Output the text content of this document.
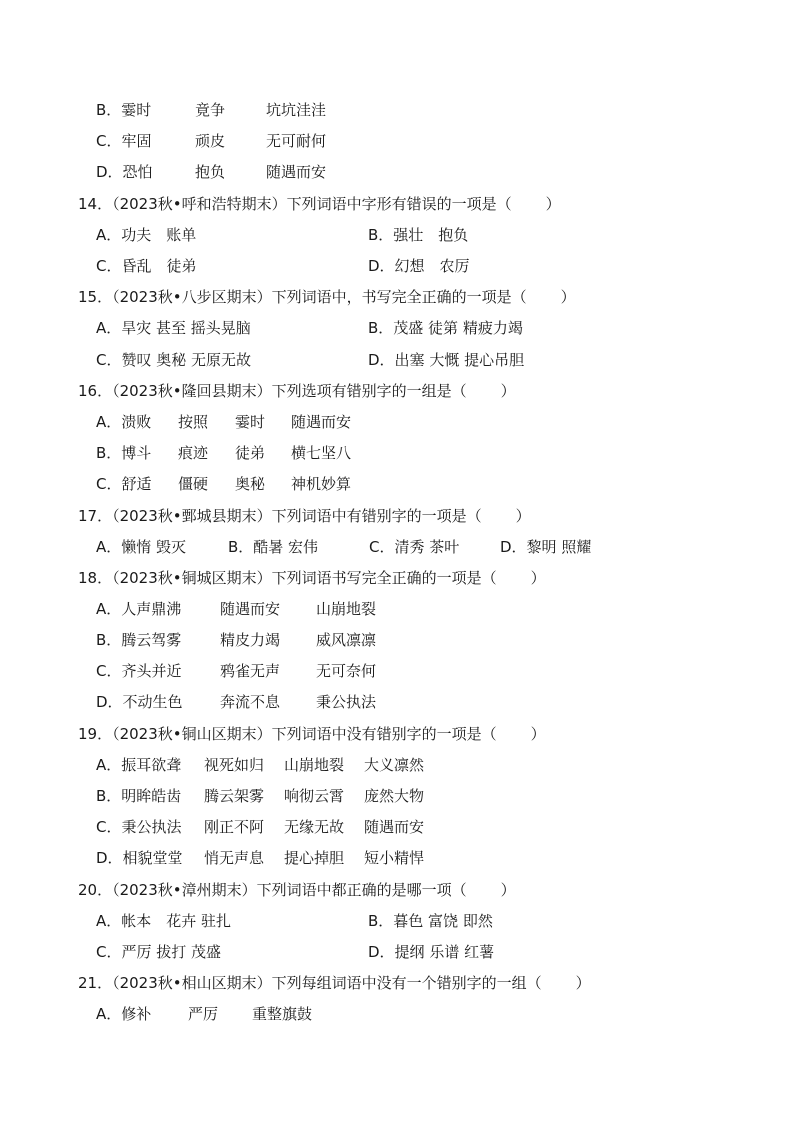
B．霎时	竟争	坑坑洼洼
C．牢固	顽皮	无可耐何
D．恐怕	抱负	随遇而安
14．（2023秋•呼和浩特期末）下列词语中字形有错误的一项是（ ）
A．功夫　账单	B．强壮　抱负
C．昏乱　徒弟	D．幻想　农厉
15．（2023秋•八步区期末）下列词语中，书写完全正确的一项是（ ）
A．旱灾 甚至 摇头晃脑	B．茂盛 徒第 精疲力竭
C．赞叹 奥秘 无原无故	D．出塞 大慨 提心吊胆
16．（2023秋•隆回县期末）下列选项有错别字的一组是（ ）
A．溃败 按照 霎时 随遇而安
B．博斗 痕迹 徒弟 横七坚八
C．舒适 僵硬 奥秘 神机妙算
17．（2023秋•鄄城县期末）下列词语中有错别字的一项是（ ）
A．懒惰 毁灭	B．酷暑 宏伟	C．清秀 茶叶	D．黎明 照耀
18．（2023秋•铜城区期末）下列词语书写完全正确的一项是（ ）
A．人声鼎沸	随遇而安 山崩地裂
B．腾云驾雾	精皮力竭 威风凛凛
C．齐头并近	鸦雀无声 无可奈何
D．不动生色 奔流不息 秉公执法
19．（2023秋•铜山区期末）下列词语中没有错别字的一项是（ ）
A．振耳欲聋 视死如归 山崩地裂 大义凛然
B．明眸皓齿 腾云架雾 响彻云霄 庞然大物
C．秉公执法 刚正不阿 无缘无故 随遇而安
D．相貌堂堂 悄无声息 提心掉胆 短小精悍
20．（2023秋•漳州期末）下列词语中都正确的是哪一项（ ）
A．帐本　花卉 驻扎	B．暮色 富饶 即然
C．严厉 拔打 茂盛	D．提纲 乐谱 红薯
21．（2023秋•相山区期末）下列每组词语中没有一个错别字的一组（ ）
A．修补 严厉 重整旗鼓
